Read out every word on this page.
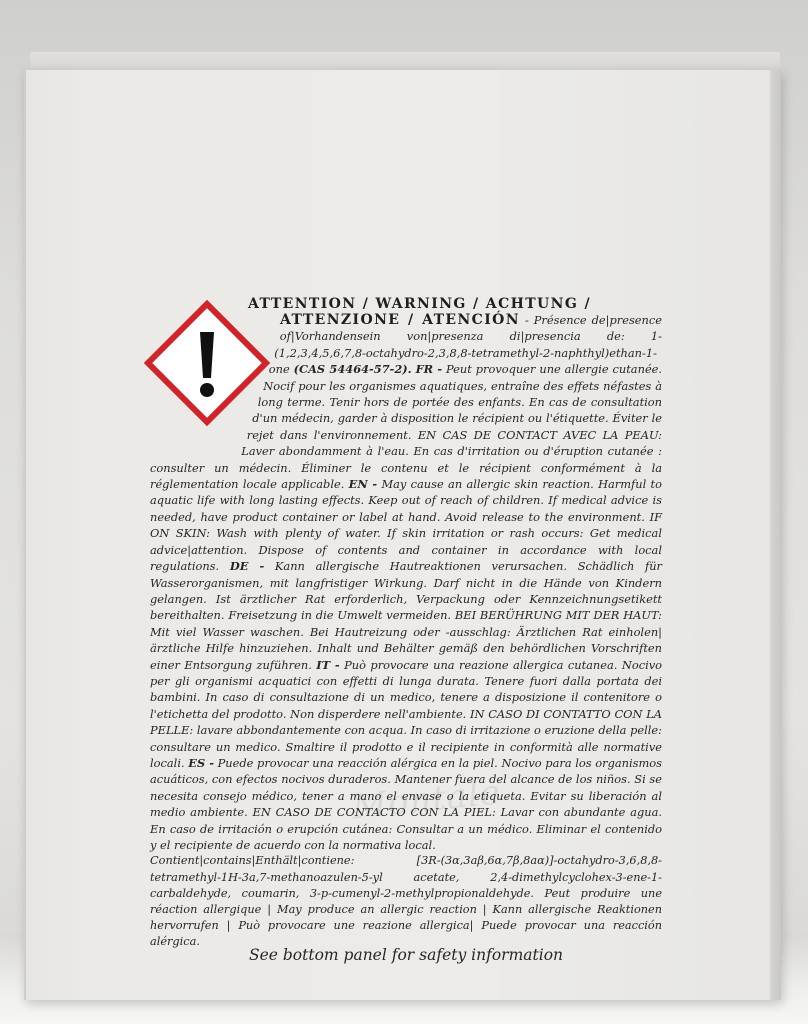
Montale
ATTENTION / WARNING / ACHTUNG /

ATTENZIONE / ATENCIÓN - Présence de|presence of|Vorhandensein von|presenza di|presencia de: 1-(1,2,3,4,5,6,7,8-octahydro-2,3,8,8-tetramethyl-2-naphthyl)ethan-1-one (CAS 54464-57-2). FR - Peut provoquer une allergie cutanée. Nocif pour les organismes aquatiques, entraîne des effets néfastes à long terme. Tenir hors de portée des enfants. En cas de consultation d'un médecin, garder à disposition le récipient ou l'étiquette. Éviter le rejet dans l'environnement. EN CAS DE CONTACT AVEC LA PEAU: Laver abondamment à l'eau. En cas d'irritation ou d'éruption cutanée : consulter un médecin. Éliminer le contenu et le récipient conformément à la réglementation locale applicable. EN - May cause an allergic skin reaction. Harmful to aquatic life with long lasting effects. Keep out of reach of children. If medical advice is needed, have product container or label at hand. Avoid release to the environment. IF ON SKIN: Wash with plenty of water. If skin irritation or rash occurs: Get medical advice|attention. Dispose of contents and container in accordance with local regulations. DE - Kann allergische Hautreaktionen verursachen. Schädlich für Wasserorganismen, mit langfristiger Wirkung. Darf nicht in die Hände von Kindern gelangen. Ist ärztlicher Rat erforderlich, Verpackung oder Kennzeichnungsetikett bereithalten. Freisetzung in die Umwelt vermeiden. BEI BERÜHRUNG MIT DER HAUT: Mit viel Wasser waschen. Bei Hautreizung oder -ausschlag: Ärztlichen Rat einholen|ärztliche Hilfe hinzuziehen. Inhalt und Behälter gemäß den behördlichen Vorschriften einer Entsorgung zuführen. IT - Può provocare una reazione allergica cutanea. Nocivo per gli organismi acquatici con effetti di lunga durata. Tenere fuori dalla portata dei bambini. In caso di consultazione di un medico, tenere a disposizione il contenitore o l'etichetta del prodotto. Non disperdere nell'ambiente. IN CASO DI CONTATTO CON LA PELLE: lavare abbondantemente con acqua. In caso di irritazione o eruzione della pelle: consultare un medico. Smaltire il prodotto e il recipiente in conformità alle normative locali. ES - Puede provocar una reacción alérgica en la piel. Nocivo para los organismos acuáticos, con efectos nocivos duraderos. Mantener fuera del alcance de los niños. Si se necesita consejo médico, tener a mano el envase o la etiqueta. Evitar su liberación al medio ambiente. EN CASO DE CONTACTO CON LA PIEL: Lavar con abundante agua. En caso de irritación o erupción cutánea: Consultar a un médico. Eliminar el contenido y el recipiente de acuerdo con la normativa local.

Contient|contains|Enthält|contiene: [3R-(3α,3aβ,6α,7β,8aα)]-octahydro-3,6,8,8-tetramethyl-1H-3a,7-methanoazulen-5-yl acetate, 2,4-dimethylcyclohex-3-ene-1-carbaldehyde, coumarin, 3-p-cumenyl-2-methylpropionaldehyde. Peut produire une réaction allergique | May produce an allergic reaction | Kann allergische Reaktionen hervorrufen | Può provocare une reazione allergica| Puede provocar una reacción alérgica.

See bottom panel for safety information
